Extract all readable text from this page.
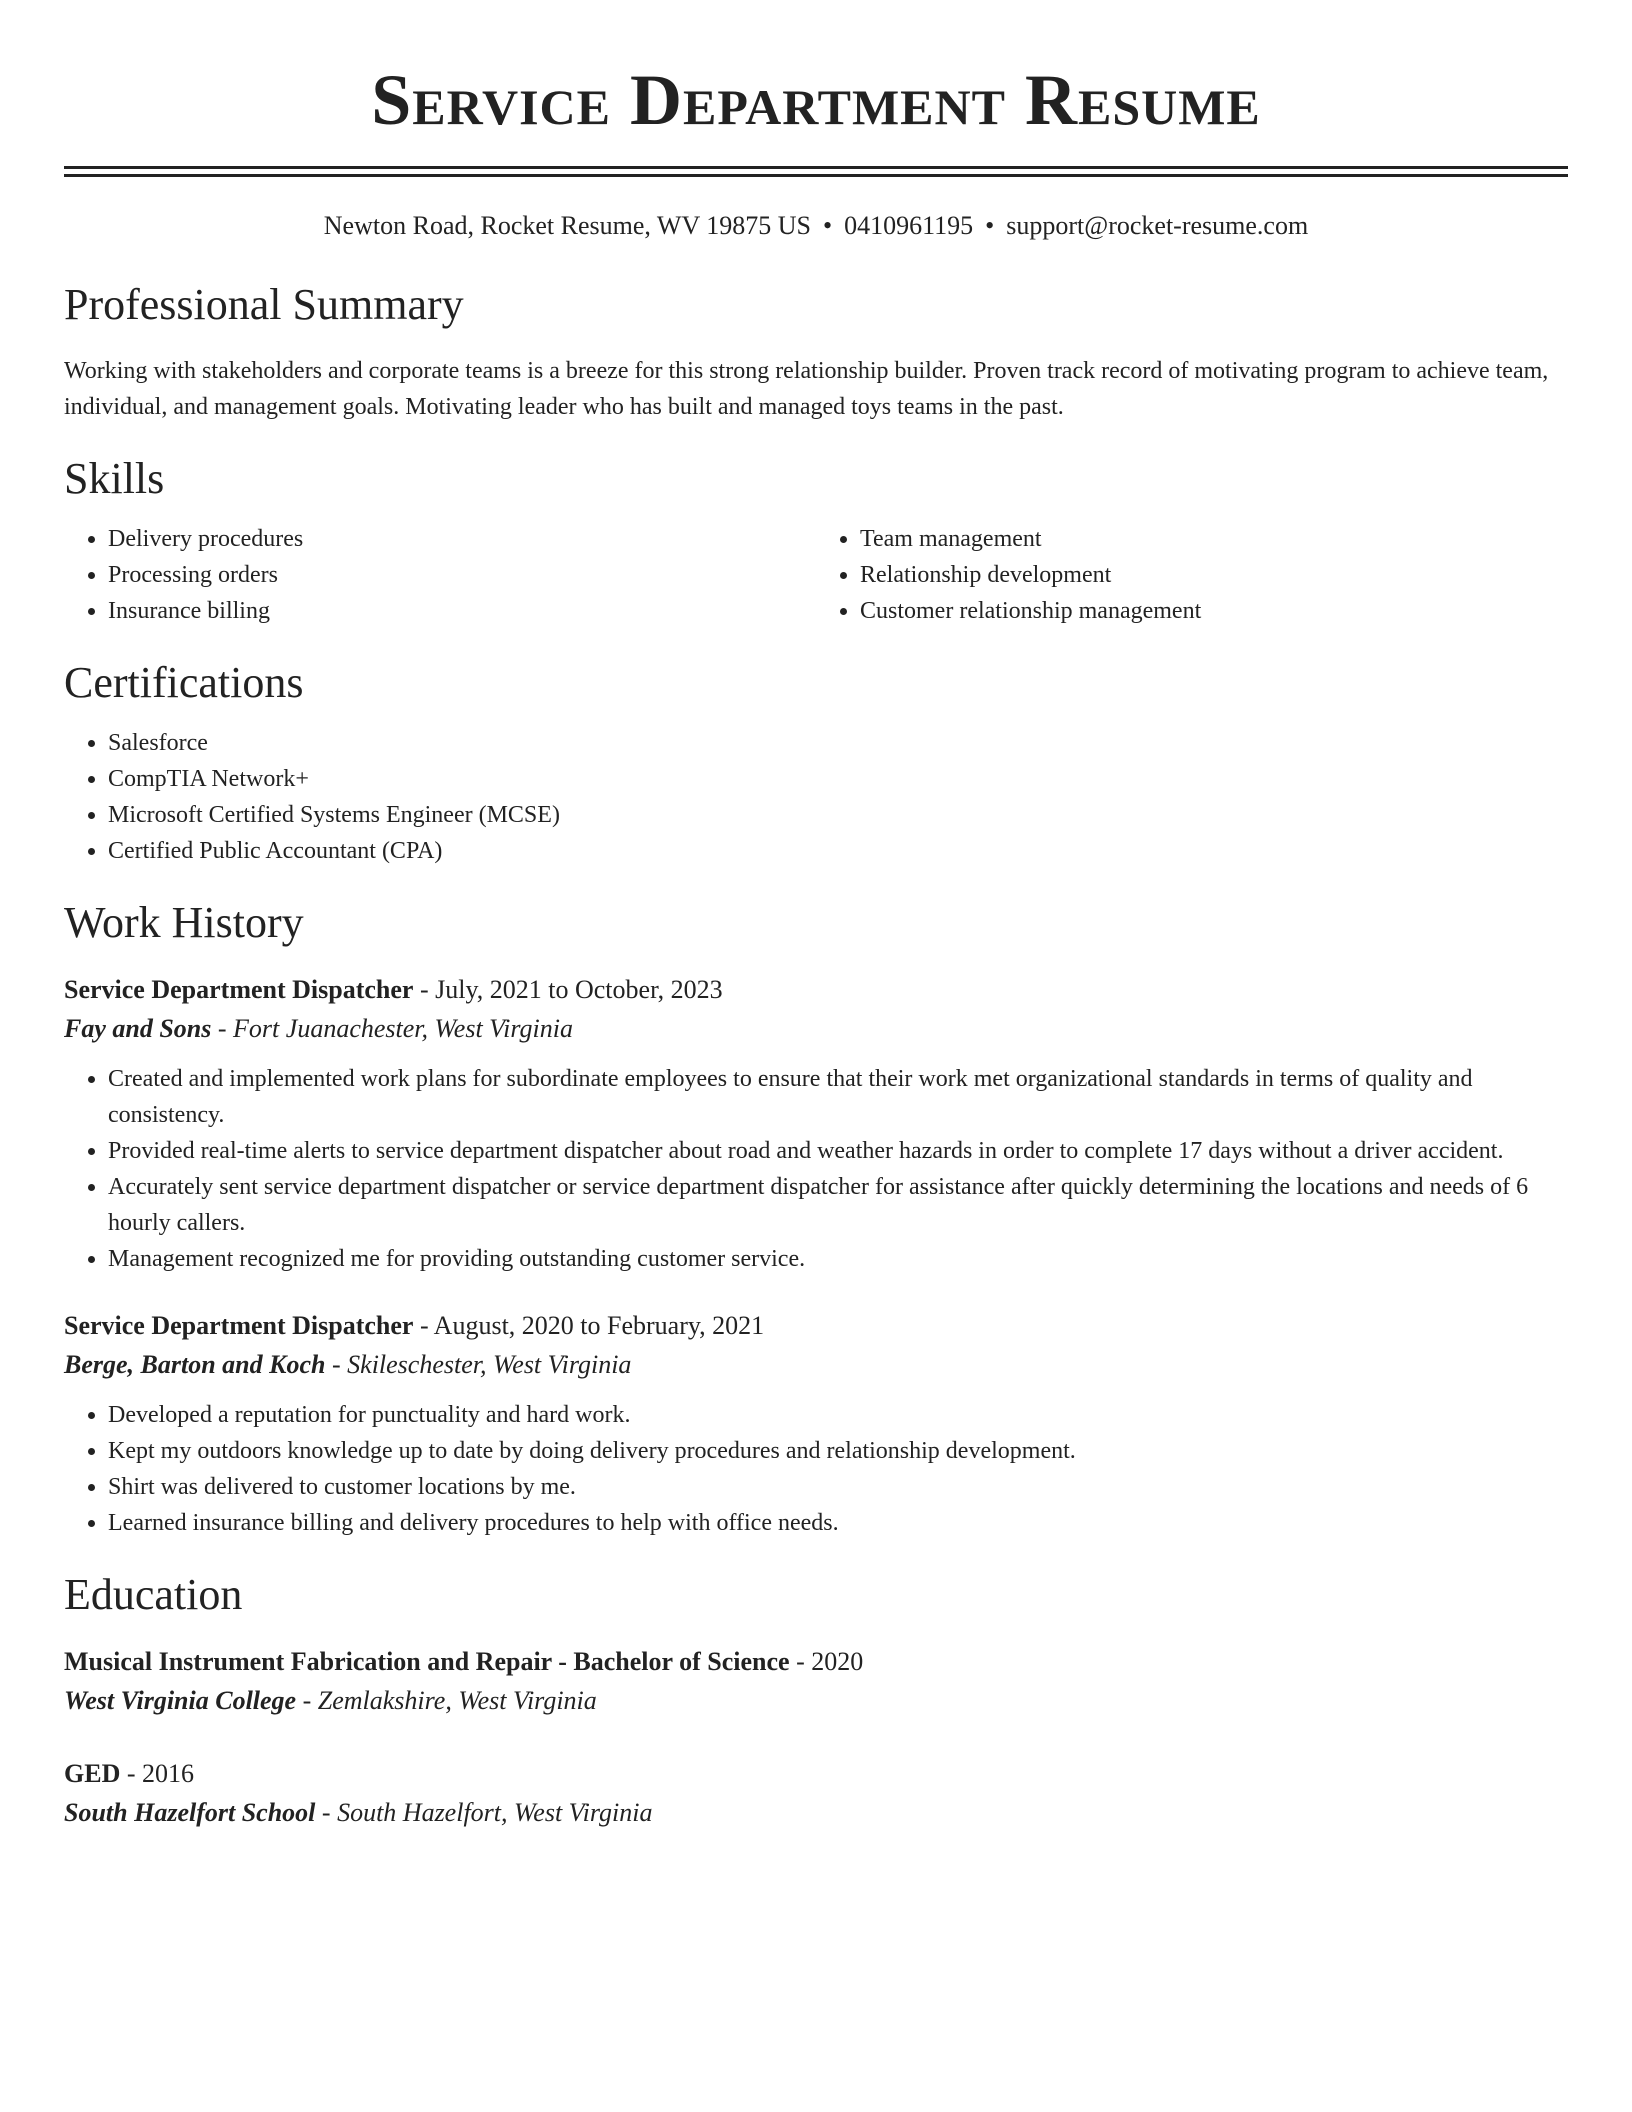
Service Department Resume
Newton Road, Rocket Resume, WV 19875 US • 0410961195 • support@rocket-resume.com
Professional Summary

Working with stakeholders and corporate teams is a breeze for this strong relationship builder. Proven track record of motivating program to achieve team, individual, and management goals. Motivating leader who has built and managed toys teams in the past.

Skills
• Delivery procedures
• Processing orders
• Insurance billing
• Team management
• Relationship development
• Customer relationship management
Certifications
• Salesforce
• CompTIA Network+
• Microsoft Certified Systems Engineer (MCSE)
• Certified Public Accountant (CPA)
Work History
Service Department Dispatcher - July, 2021 to October, 2023
Fay and Sons - Fort Juanachester, West Virginia
• Created and implemented work plans for subordinate employees to ensure that their work met organizational standards in terms of quality and consistency.
• Provided real-time alerts to service department dispatcher about road and weather hazards in order to complete 17 days without a driver accident.
• Accurately sent service department dispatcher or service department dispatcher for assistance after quickly determining the locations and needs of 6 hourly callers.
• Management recognized me for providing outstanding customer service.
Service Department Dispatcher - August, 2020 to February, 2021
Berge, Barton and Koch - Skileschester, West Virginia
• Developed a reputation for punctuality and hard work.
• Kept my outdoors knowledge up to date by doing delivery procedures and relationship development.
• Shirt was delivered to customer locations by me.
• Learned insurance billing and delivery procedures to help with office needs.
Education
Musical Instrument Fabrication and Repair - Bachelor of Science - 2020
West Virginia College - Zemlakshire, West Virginia
GED - 2016
South Hazelfort School - South Hazelfort, West Virginia
